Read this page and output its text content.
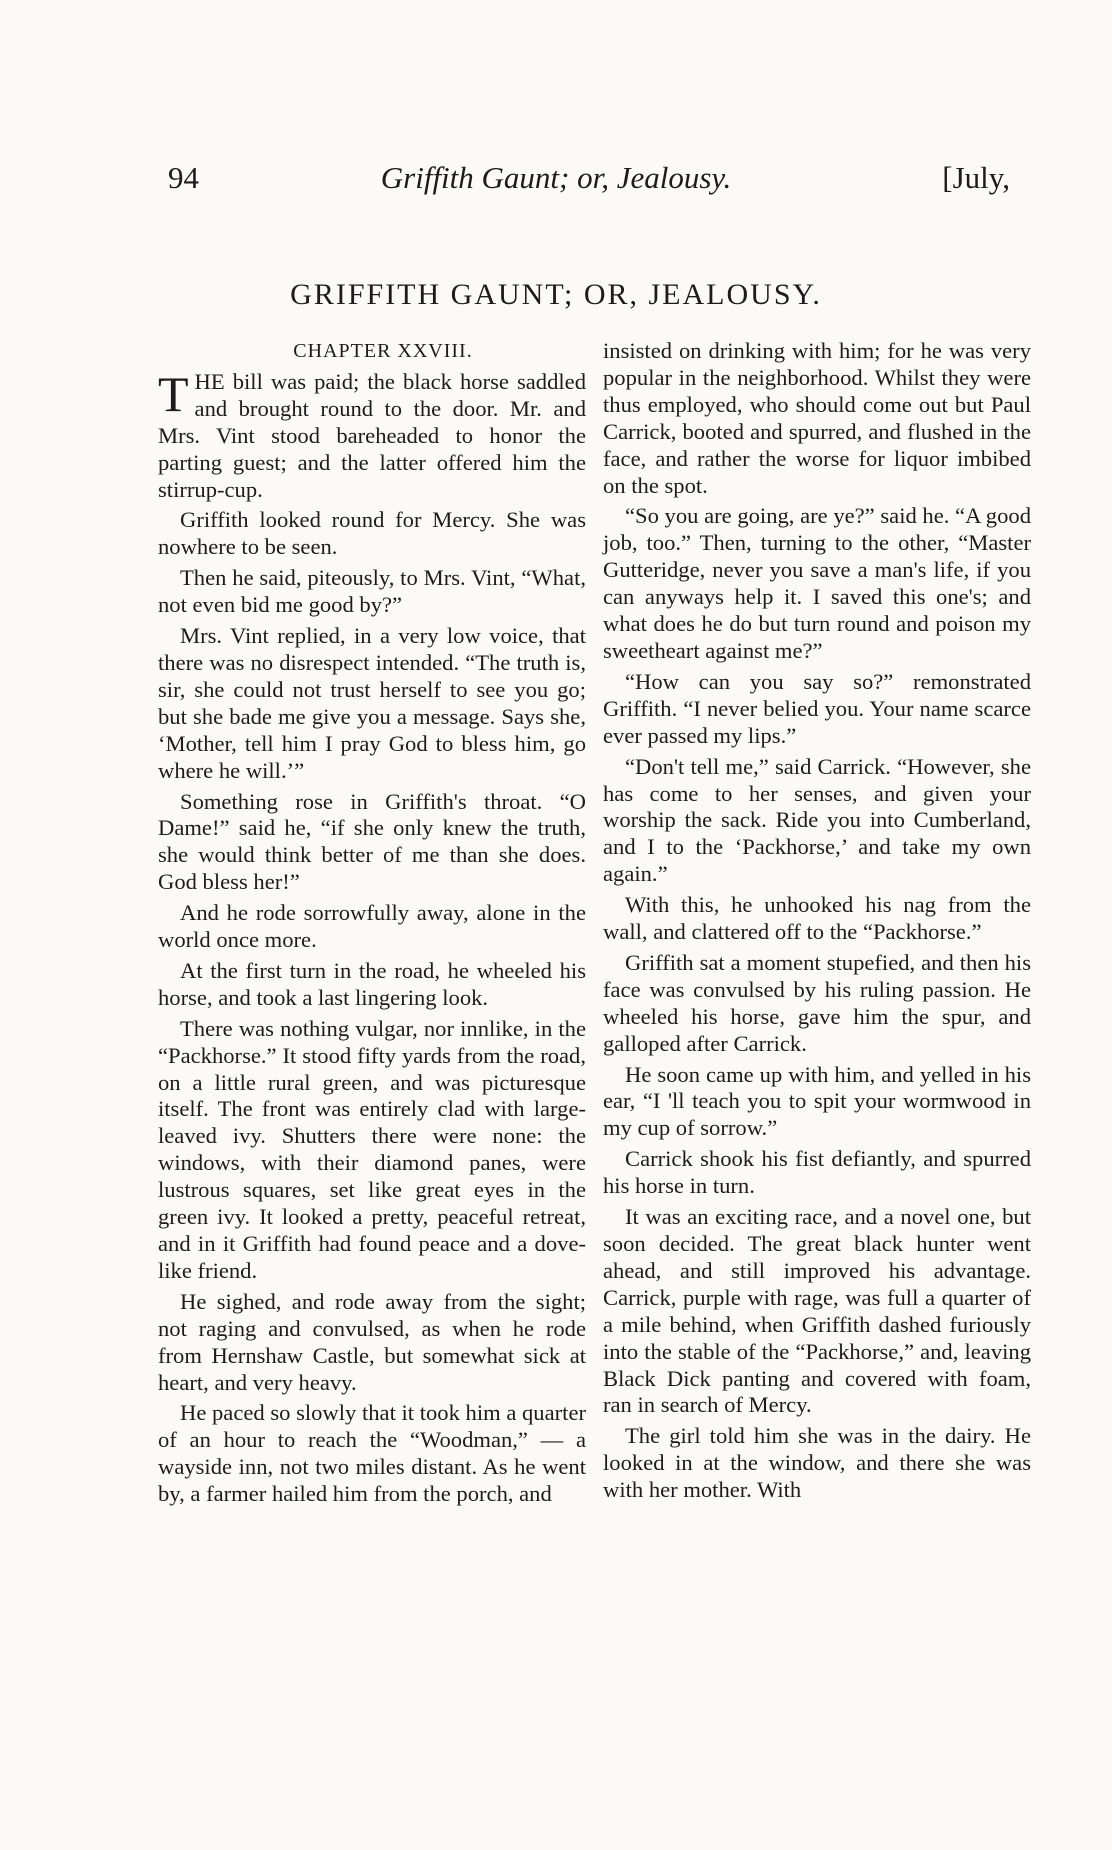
94	Griffith Gaunt; or, Jealousy.	[July,
GRIFFITH GAUNT; OR, JEALOUSY.

CHAPTER XXVIII.

THE bill was paid; the black horse saddled and brought round to the door. Mr. and Mrs. Vint stood bareheaded to honor the parting guest; and the latter offered him the stirrup-cup.

Griffith looked round for Mercy. She was nowhere to be seen.

Then he said, piteously, to Mrs. Vint, “What, not even bid me good by?”

Mrs. Vint replied, in a very low voice, that there was no disrespect intended. “The truth is, sir, she could not trust herself to see you go; but she bade me give you a message. Says she, ‘Mother, tell him I pray God to bless him, go where he will.’”

Something rose in Griffith's throat. “O Dame!” said he, “if she only knew the truth, she would think better of me than she does. God bless her!”

And he rode sorrowfully away, alone in the world once more.

At the first turn in the road, he wheeled his horse, and took a last lingering look.

There was nothing vulgar, nor innlike, in the “Packhorse.” It stood fifty yards from the road, on a little rural green, and was picturesque itself. The front was entirely clad with large-leaved ivy. Shutters there were none: the windows, with their diamond panes, were lustrous squares, set like great eyes in the green ivy. It looked a pretty, peaceful retreat, and in it Griffith had found peace and a dove-like friend.

He sighed, and rode away from the sight; not raging and convulsed, as when he rode from Hernshaw Castle, but somewhat sick at heart, and very heavy.

He paced so slowly that it took him a quarter of an hour to reach the “Woodman,” — a wayside inn, not two miles distant. As he went by, a farmer hailed him from the porch, and

insisted on drinking with him; for he was very popular in the neighborhood. Whilst they were thus employed, who should come out but Paul Carrick, booted and spurred, and flushed in the face, and rather the worse for liquor imbibed on the spot.

“So you are going, are ye?” said he. “A good job, too.” Then, turning to the other, “Master Gutteridge, never you save a man's life, if you can anyways help it. I saved this one's; and what does he do but turn round and poison my sweetheart against me?”

“How can you say so?” remonstrated Griffith. “I never belied you. Your name scarce ever passed my lips.”

“Don't tell me,” said Carrick. “However, she has come to her senses, and given your worship the sack. Ride you into Cumberland, and I to the ‘Packhorse,’ and take my own again.”

With this, he unhooked his nag from the wall, and clattered off to the “Packhorse.”

Griffith sat a moment stupefied, and then his face was convulsed by his ruling passion. He wheeled his horse, gave him the spur, and galloped after Carrick.

He soon came up with him, and yelled in his ear, “I 'll teach you to spit your wormwood in my cup of sorrow.”

Carrick shook his fist defiantly, and spurred his horse in turn.

It was an exciting race, and a novel one, but soon decided. The great black hunter went ahead, and still improved his advantage. Carrick, purple with rage, was full a quarter of a mile behind, when Griffith dashed furiously into the stable of the “Packhorse,” and, leaving Black Dick panting and covered with foam, ran in search of Mercy.

The girl told him she was in the dairy. He looked in at the window, and there she was with her mother. With
